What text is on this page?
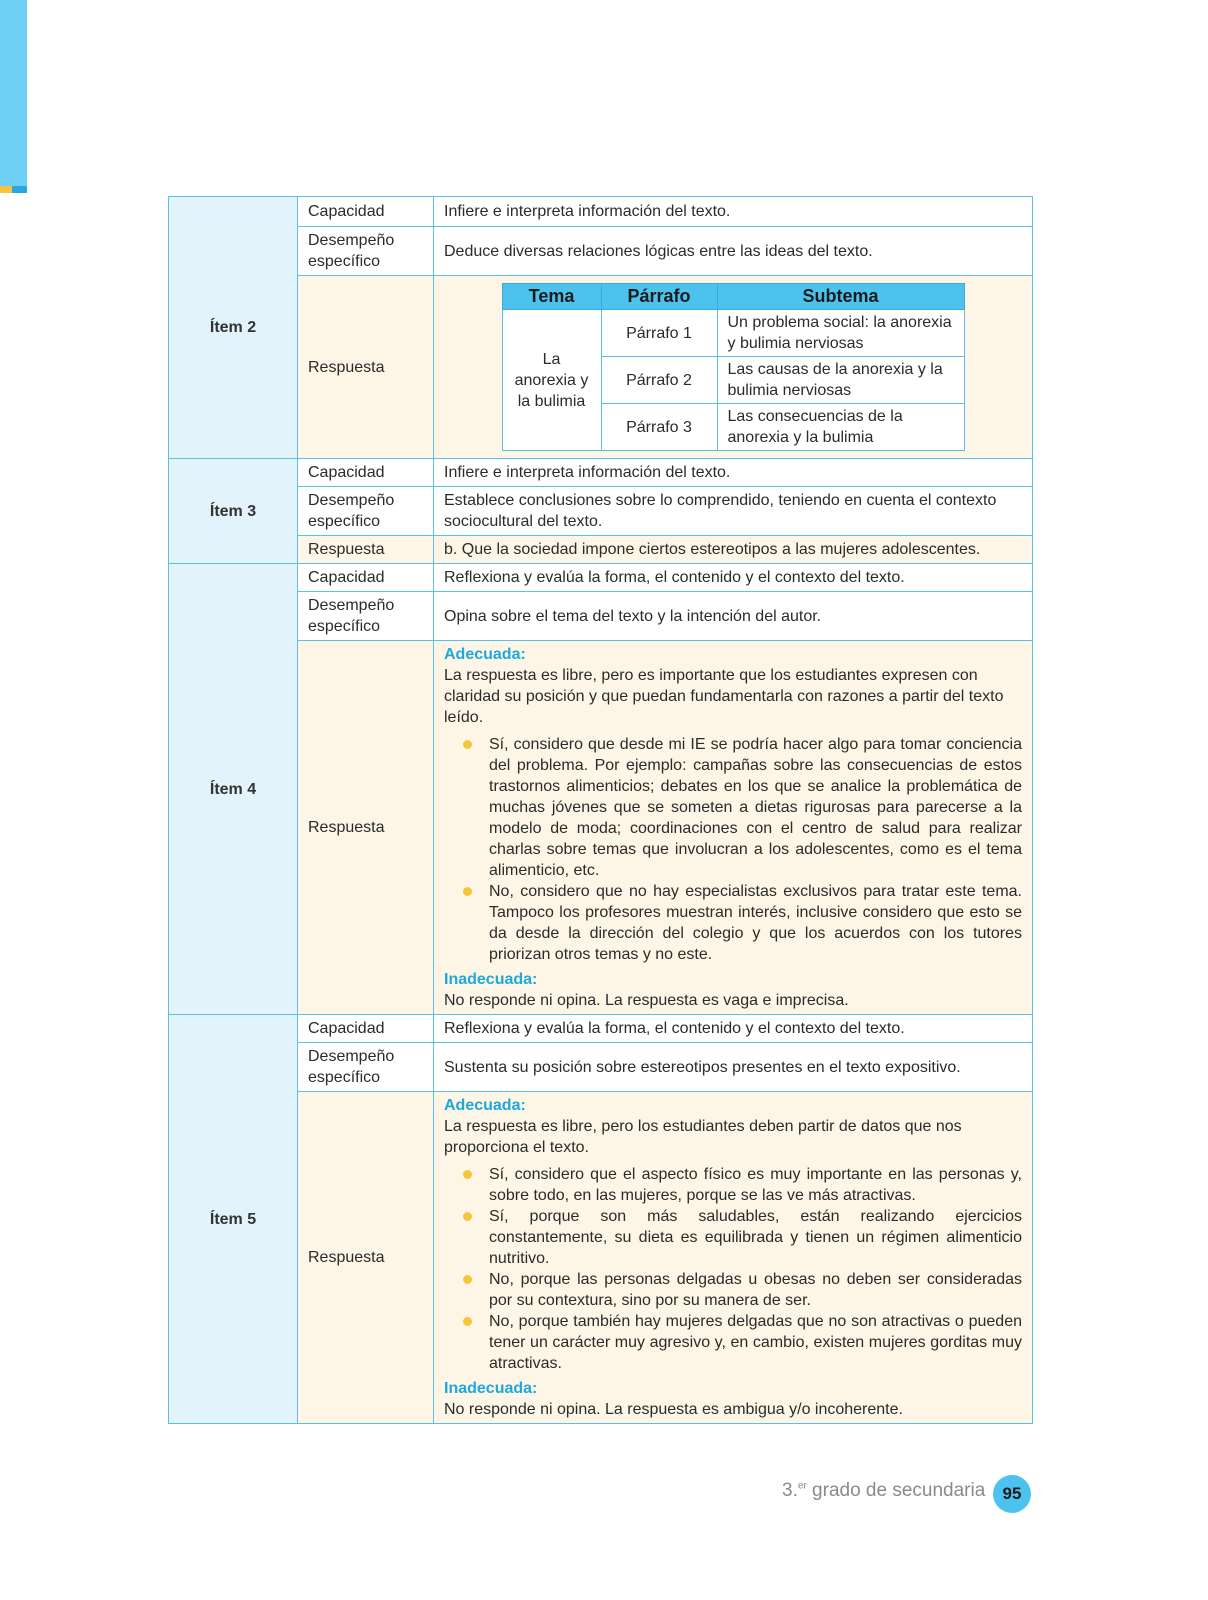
Ítem 2	Capacidad	Infiere e interpreta información del texto.
Desempeño específico	Deduce diversas relaciones lógicas entre las ideas del texto.
Respuesta	
Tema	Párrafo	Subtema
La anorexia y la bulimia	Párrafo 1	Un problema social: la anorexia y bulimia nerviosas
Párrafo 2	Las causas de la anorexia y la bulimia nerviosas
Párrafo 3	Las consecuencias de la anorexia y la bulimia

Ítem 3	Capacidad	Infiere e interpreta información del texto.
Desempeño específico	Establece conclusiones sobre lo comprendido, teniendo en cuenta el contexto sociocultural del texto.
Respuesta	b. Que la sociedad impone ciertos estereotipos a las mujeres adolescentes.
Ítem 4	Capacidad	Reflexiona y evalúa la forma, el contenido y el contexto del texto.
Desempeño específico	Opina sobre el tema del texto y la intención del autor.
Respuesta	
Adecuada:
La respuesta es libre, pero es importante que los estudiantes expresen con claridad su posición y que puedan fundamentarla con razones a partir del texto leído.
Sí, considero que desde mi IE se podría hacer algo para tomar conciencia del problema. Por ejemplo: campañas sobre las consecuencias de estos trastornos alimenticios; debates en los que se analice la problemática de muchas jóvenes que se someten a dietas rigurosas para parecerse a la modelo de moda; coordinaciones con el centro de salud para realizar charlas sobre temas que involucran a los adolescentes, como es el tema alimenticio, etc.
No, considero que no hay especialistas exclusivos para tratar este tema. Tampoco los profesores muestran interés, inclusive considero que esto se da desde la dirección del colegio y que los acuerdos con los tutores priorizan otros temas y no este.
Inadecuada:
No responde ni opina. La respuesta es vaga e imprecisa.

Ítem 5	Capacidad	Reflexiona y evalúa la forma, el contenido y el contexto del texto.
Desempeño específico	Sustenta su posición sobre estereotipos presentes en el texto expositivo.
Respuesta	
Adecuada:
La respuesta es libre, pero los estudiantes deben partir de datos que nos proporciona el texto.
Sí, considero que el aspecto físico es muy importante en las personas y, sobre todo, en las mujeres, porque se las ve más atractivas.
Sí, porque son más saludables, están realizando ejercicios constantemente, su dieta es equilibrada y tienen un régimen alimenticio nutritivo.
No, porque las personas delgadas u obesas no deben ser consideradas por su contextura, sino por su manera de ser.
No, porque también hay mujeres delgadas que no son atractivas o pueden tener un carácter muy agresivo y, en cambio, existen mujeres gorditas muy atractivas.
Inadecuada:
No responde ni opina. La respuesta es ambigua y/o incoherente.
3.$^{er}$ grado de secundaria	95
